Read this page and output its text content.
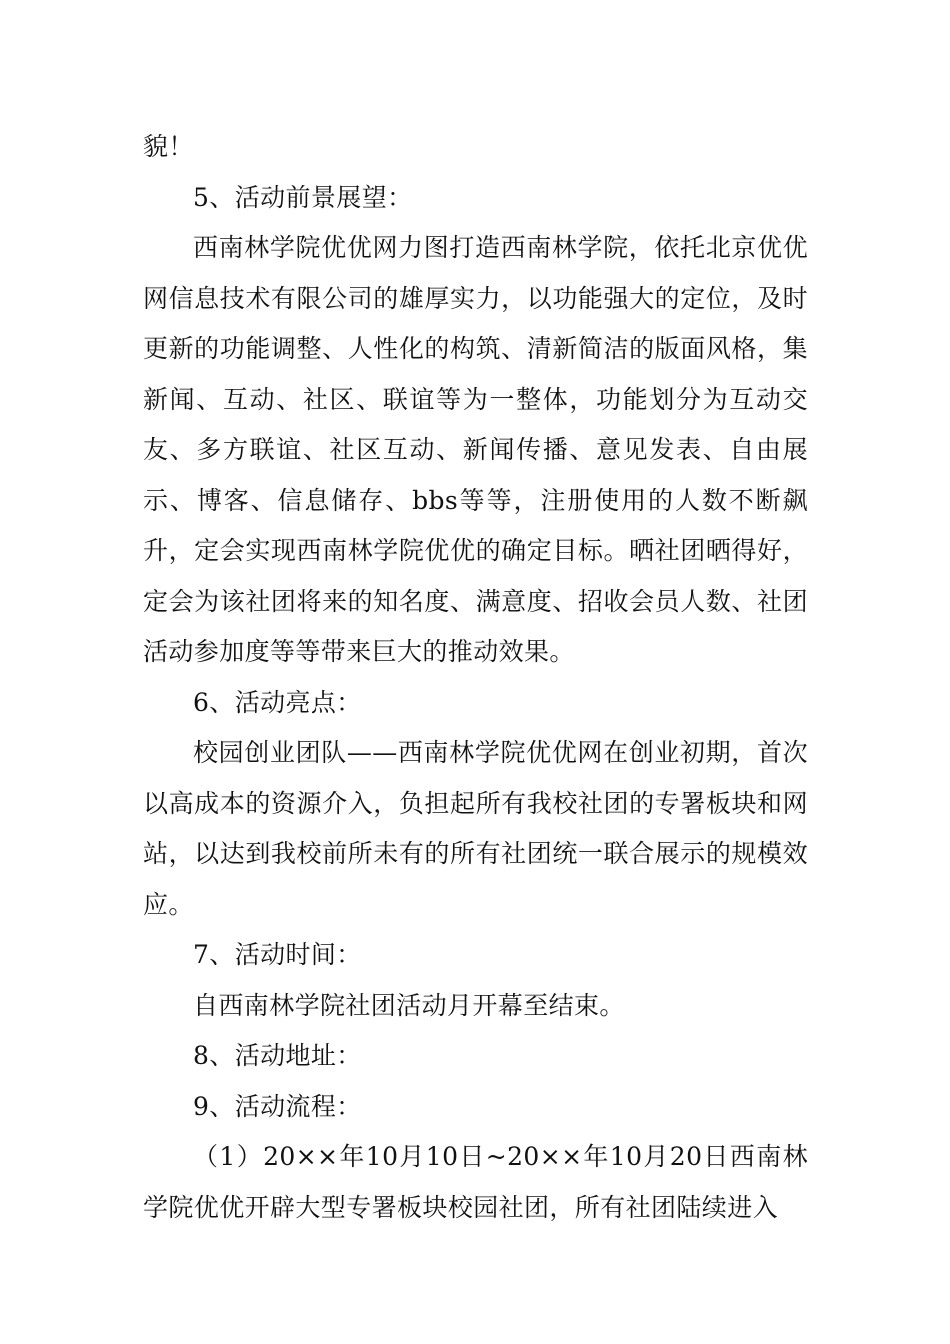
貌！

5、活动前景展望：

西南林学院优优网力图打造西南林学院，依托北京优优网信息技术有限公司的雄厚实力，以功能强大的定位，及时更新的功能调整、人性化的构筑、清新简洁的版面风格，集新闻、互动、社区、联谊等为一整体，功能划分为互动交友、多方联谊、社区互动、新闻传播、意见发表、自由展示、博客、信息储存、bbs等等，注册使用的人数不断飙升，定会实现西南林学院优优的确定目标。晒社团晒得好，定会为该社团将来的知名度、满意度、招收会员人数、社团活动参加度等等带来巨大的推动效果。

6、活动亮点：

校园创业团队——西南林学院优优网在创业初期，首次以高成本的资源介入，负担起所有我校社团的专署板块和网站，以达到我校前所未有的所有社团统一联合展示的规模效应。

7、活动时间：

自西南林学院社团活动月开幕至结束。

8、活动地址：

9、活动流程：

（1）20××年10月10日~20××年10月20日西南林学院优优开辟大型专署板块校园社团，所有社团陆续进入
